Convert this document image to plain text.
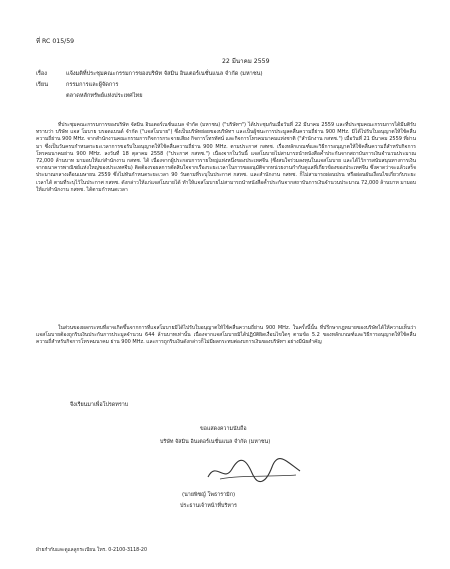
ที่ RC 015/59
22 มีนาคม 2559
เรื่อง	แจ้งมติที่ประชุมคณะกรรมการของบริษัท จัสมิน อินเตอร์เนชั่นแนล จำกัด (มหาชน)
เรียน	กรรมการและผู้จัดการ
ตลาดหลักทรัพย์แห่งประเทศไทย

ที่ประชุมคณะกรรมการของบริษัท จัสมิน อินเตอร์เนชั่นแนล จำกัด (มหาชน) ("บริษัทฯ") ได้ประชุมกันเมื่อวันที่ 22 มีนาคม 2559 และที่ประชุมคณะกรรมการได้มีมติรับทราบว่า บริษัท แจส โมบาย บรอดแบนด์ จำกัด ("แจสโมบาย") ซึ่งเป็นบริษัทย่อยของบริษัทฯ และเป็นผู้ชนะการประมูลคลื่นความถี่ย่าน 900 MHz. มิได้ไปรับใบอนุญาตให้ใช้คลื่นความถี่ย่าน 900 MHz. จากสำนักงานคณะกรรมการกิจการกระจายเสียง กิจการโทรทัศน์ และกิจการโทรคมนาคมแห่งชาติ ("สำนักงาน กสทช.") เมื่อวันที่ 21 มีนาคม 2559 ที่ผ่านมา ซึ่งเป็นวันครบกำหนดระยะเวลาการขอรับใบอนุญาตให้ใช้คลื่นความถี่ย่าน 900 MHz. ตามประกาศ กสทช. เรื่องหลักเกณฑ์และวิธีการอนุญาตให้ใช้คลื่นความถี่สำหรับกิจการโทรคมนาคมย่าน 900 MHz. ลงวันที่ 18 ตุลาคม 2558 ("ประกาศ กสทช.") เนื่องจากในวันนี้ แจสโมบายไม่สามารถนำหนังสือค้ำประกันจากสถาบันการเงินจำนวนประมาณ 72,000 ล้านบาท มามอบให้แก่สำนักงาน กสทช. ได้ เนื่องจากผู้ประกอบการรายใหญ่แห่งหนึ่งของประเทศจีน (ซึ่งสนใจร่วมลงทุนในแจสโมบาย และได้ไว้การสนับสนุนทางการเงินจากธนาคารพาณิชย์แห่งใหญ่ของประเทศจีน) ติดต้องรอผลการตัดสินใจจากเรื่องระยะเวลาในการขออนุมัติจากหน่วยงานกำกับดูแลที่เกี่ยวข้องของประเทศจีน ซึ่งคาดว่าจะแล้วเสร็จประมาณกลางเดือนเมษายน 2559 ซึ่งไม่ทันกำหนดระยะเวลา 90 วันตามที่ระบุในประกาศ กสทช. และสำนักงาน กสทช. ก็ไม่สามารถผ่อนปรน หรือผ่อนผันเงื่อนไขเกี่ยวกับระยะเวลาได้ ตามที่ระบุไว้ในประกาศ กสทช. ดังกล่าวให้แก่แจสโมบายได้ ทำให้แจสโมบายไม่สามารถนำหนังสือค้ำประกันจากสถาบันการเงินจำนวนประมาณ 72,000 ล้านบาท มามอบให้แก่สำนักงาน กสทช. ได้ตามกำหนดเวลา

ในส่วนของผลกระทบที่อาจเกิดขึ้นจากการที่แจสโมบายมิได้ไปรับใบอนุญาตให้ใช้คลื่นความถี่ย่าน 900 MHz. ในครั้งนี้นั้น ที่ปรึกษากฎหมายของบริษัทได้ให้ความเห็นว่าแจสโมบายต้องถูกริบเงินประกันการประมูลจำนวน 644 ล้านบาทเท่านั้น เนื่องจากแจสโมบายมิได้ปฏิบัติผิดเงื่อนไขใดๆ ตามข้อ 5.2 ของหลักเกณฑ์และวิธีการอนุญาตให้ใช้คลื่นความถี่สำหรับกิจการโทรคมนาคม ย่าน 900 MHz. และการถูกริบเงินดังกล่าวก็ไม่มีผลกระทบต่องบการเงินของบริษัทฯ อย่างมีนัยสำคัญ

จึงเรียนมาเพื่อโปรดทราบ
ขอแสดงความนับถือ
บริษัท จัสมิน อินเตอร์เนชั่นแนล จำกัด (มหาชน)
(นายพิชญ์ โพธารามิก)
ประธานเจ้าหน้าที่บริหาร
ฝ่ายกำกับและดูแลลูกระเบียน โทร. 0-2100-3118-20
